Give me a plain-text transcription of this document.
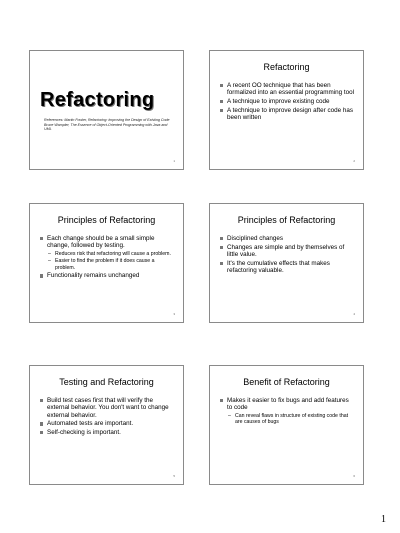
Refactoring
References: Martin Fowler, Refactoring: Improving the Design of Existing Code Bruce Wampler, The Essence of Object-Oriented Programming with Java and UML
1
Refactoring
A recent OO technique that has been formalized into an essential programming tool
A technique to improve existing code
A technique to improve design after code has been written
2
Principles of Refactoring
Each change should be a small simple change, followed by testing.
– Reduces risk that refactoring will cause a problem.
– Easier to find the problem if it does cause a problem.
Functionality remains unchanged
3
Principles of Refactoring
Disciplined changes
Changes are simple and by themselves of little value.
It's the cumulative effects that makes refactoring valuable.
4
Testing and Refactoring
Build test cases first that will verify the external behavior. You don't want to change external behavior.
Automated tests are important.
Self-checking is important.
5
Benefit of Refactoring
Makes it easier to fix bugs and add features to code
– Can reveal flaws in structure of existing code that are causes of bugs
6
1
